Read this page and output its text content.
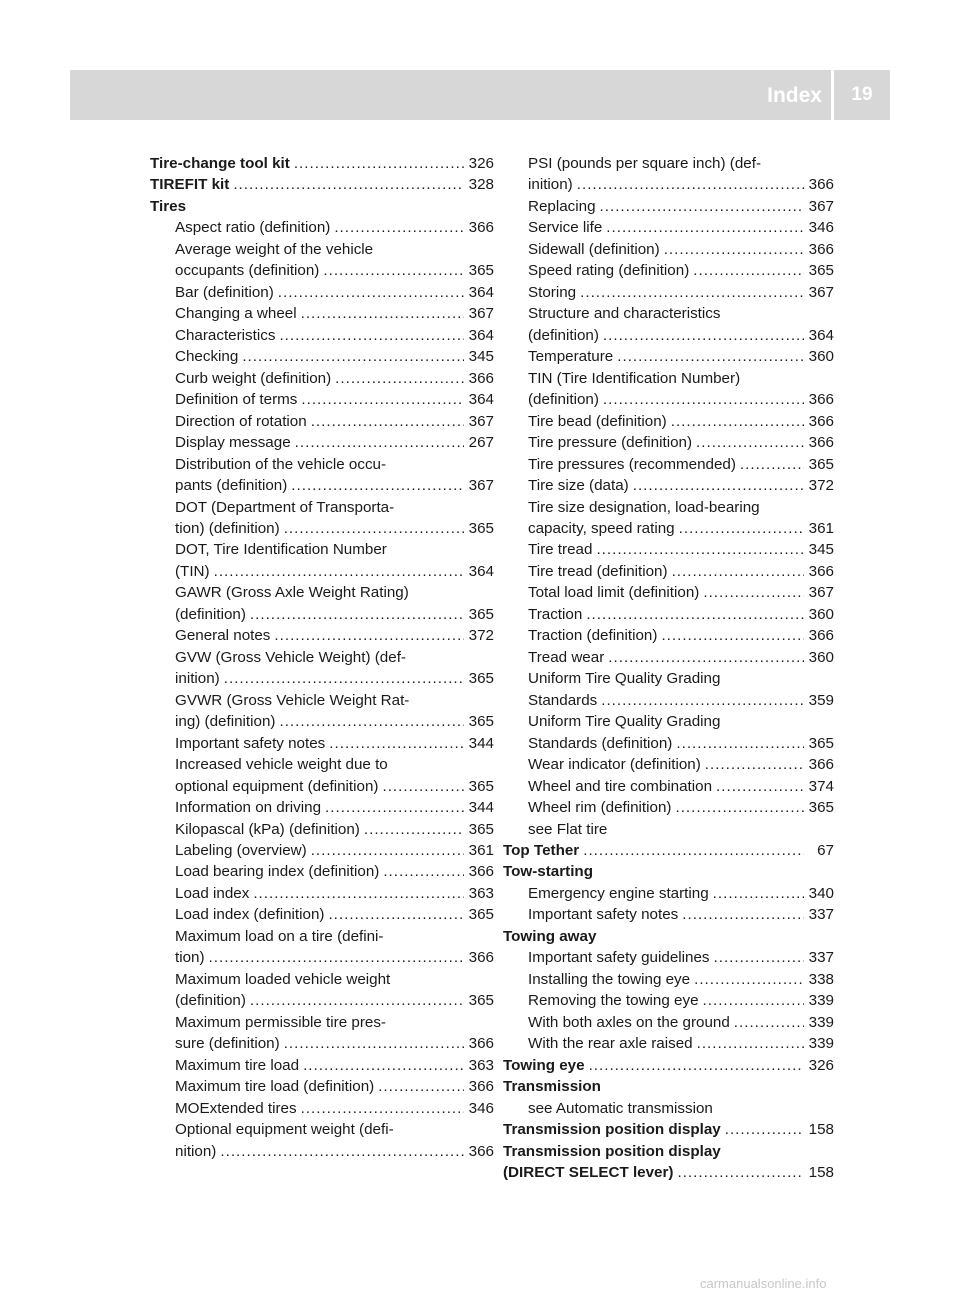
Index	19
Tire-change tool kit .....	326
TIREFIT kit .....	328
Tires
Aspect ratio (definition) .....	366
Average weight of the vehicle
occupants (definition) .....	365
Bar (definition) .....	364
Changing a wheel .....	367
Characteristics .....	364
Checking .....	345
Curb weight (definition) .....	366
Definition of terms .....	364
Direction of rotation .....	367
Display message .....	267
Distribution of the vehicle occu-
pants (definition) .....	367
DOT (Department of Transporta-
tion) (definition) .....	365
DOT, Tire Identification Number
(TIN) .....	364
GAWR (Gross Axle Weight Rating)
(definition) .....	365
General notes .....	372
GVW (Gross Vehicle Weight) (def-
inition) .....	365
GVWR (Gross Vehicle Weight Rat-
ing) (definition) .....	365
Important safety notes .....	344
Increased vehicle weight due to
optional equipment (definition) .....	365
Information on driving .....	344
Kilopascal (kPa) (definition) .....	365
Labeling (overview) .....	361
Load bearing index (definition) .....	366
Load index .....	363
Load index (definition) .....	365
Maximum load on a tire (defini-
tion) .....	366
Maximum loaded vehicle weight
(definition) .....	365
Maximum permissible tire pres-
sure (definition) .....	366
Maximum tire load .....	363
Maximum tire load (definition) .....	366
MOExtended tires .....	346
Optional equipment weight (defi-
nition) .....	366
PSI (pounds per square inch) (def-
inition) .....	366
Replacing .....	367
Service life .....	346
Sidewall (definition) .....	366
Speed rating (definition) .....	365
Storing .....	367
Structure and characteristics
(definition) .....	364
Temperature .....	360
TIN (Tire Identification Number)
(definition) .....	366
Tire bead (definition) .....	366
Tire pressure (definition) .....	366
Tire pressures (recommended) .....	365
Tire size (data) .....	372
Tire size designation, load-bearing
capacity, speed rating .....	361
Tire tread .....	345
Tire tread (definition) .....	366
Total load limit (definition) .....	367
Traction .....	360
Traction (definition) .....	366
Tread wear .....	360
Uniform Tire Quality Grading
Standards .....	359
Uniform Tire Quality Grading
Standards (definition) .....	365
Wear indicator (definition) .....	366
Wheel and tire combination .....	374
Wheel rim (definition) .....	365
see Flat tire
Top Tether .....	67
Tow-starting
Emergency engine starting .....	340
Important safety notes .....	337
Towing away
Important safety guidelines .....	337
Installing the towing eye .....	338
Removing the towing eye .....	339
With both axles on the ground .....	339
With the rear axle raised .....	339
Towing eye .....	326
Transmission
see Automatic transmission
Transmission position display .....	158
Transmission position display
(DIRECT SELECT lever) .....	158
carmanualsonline.info
